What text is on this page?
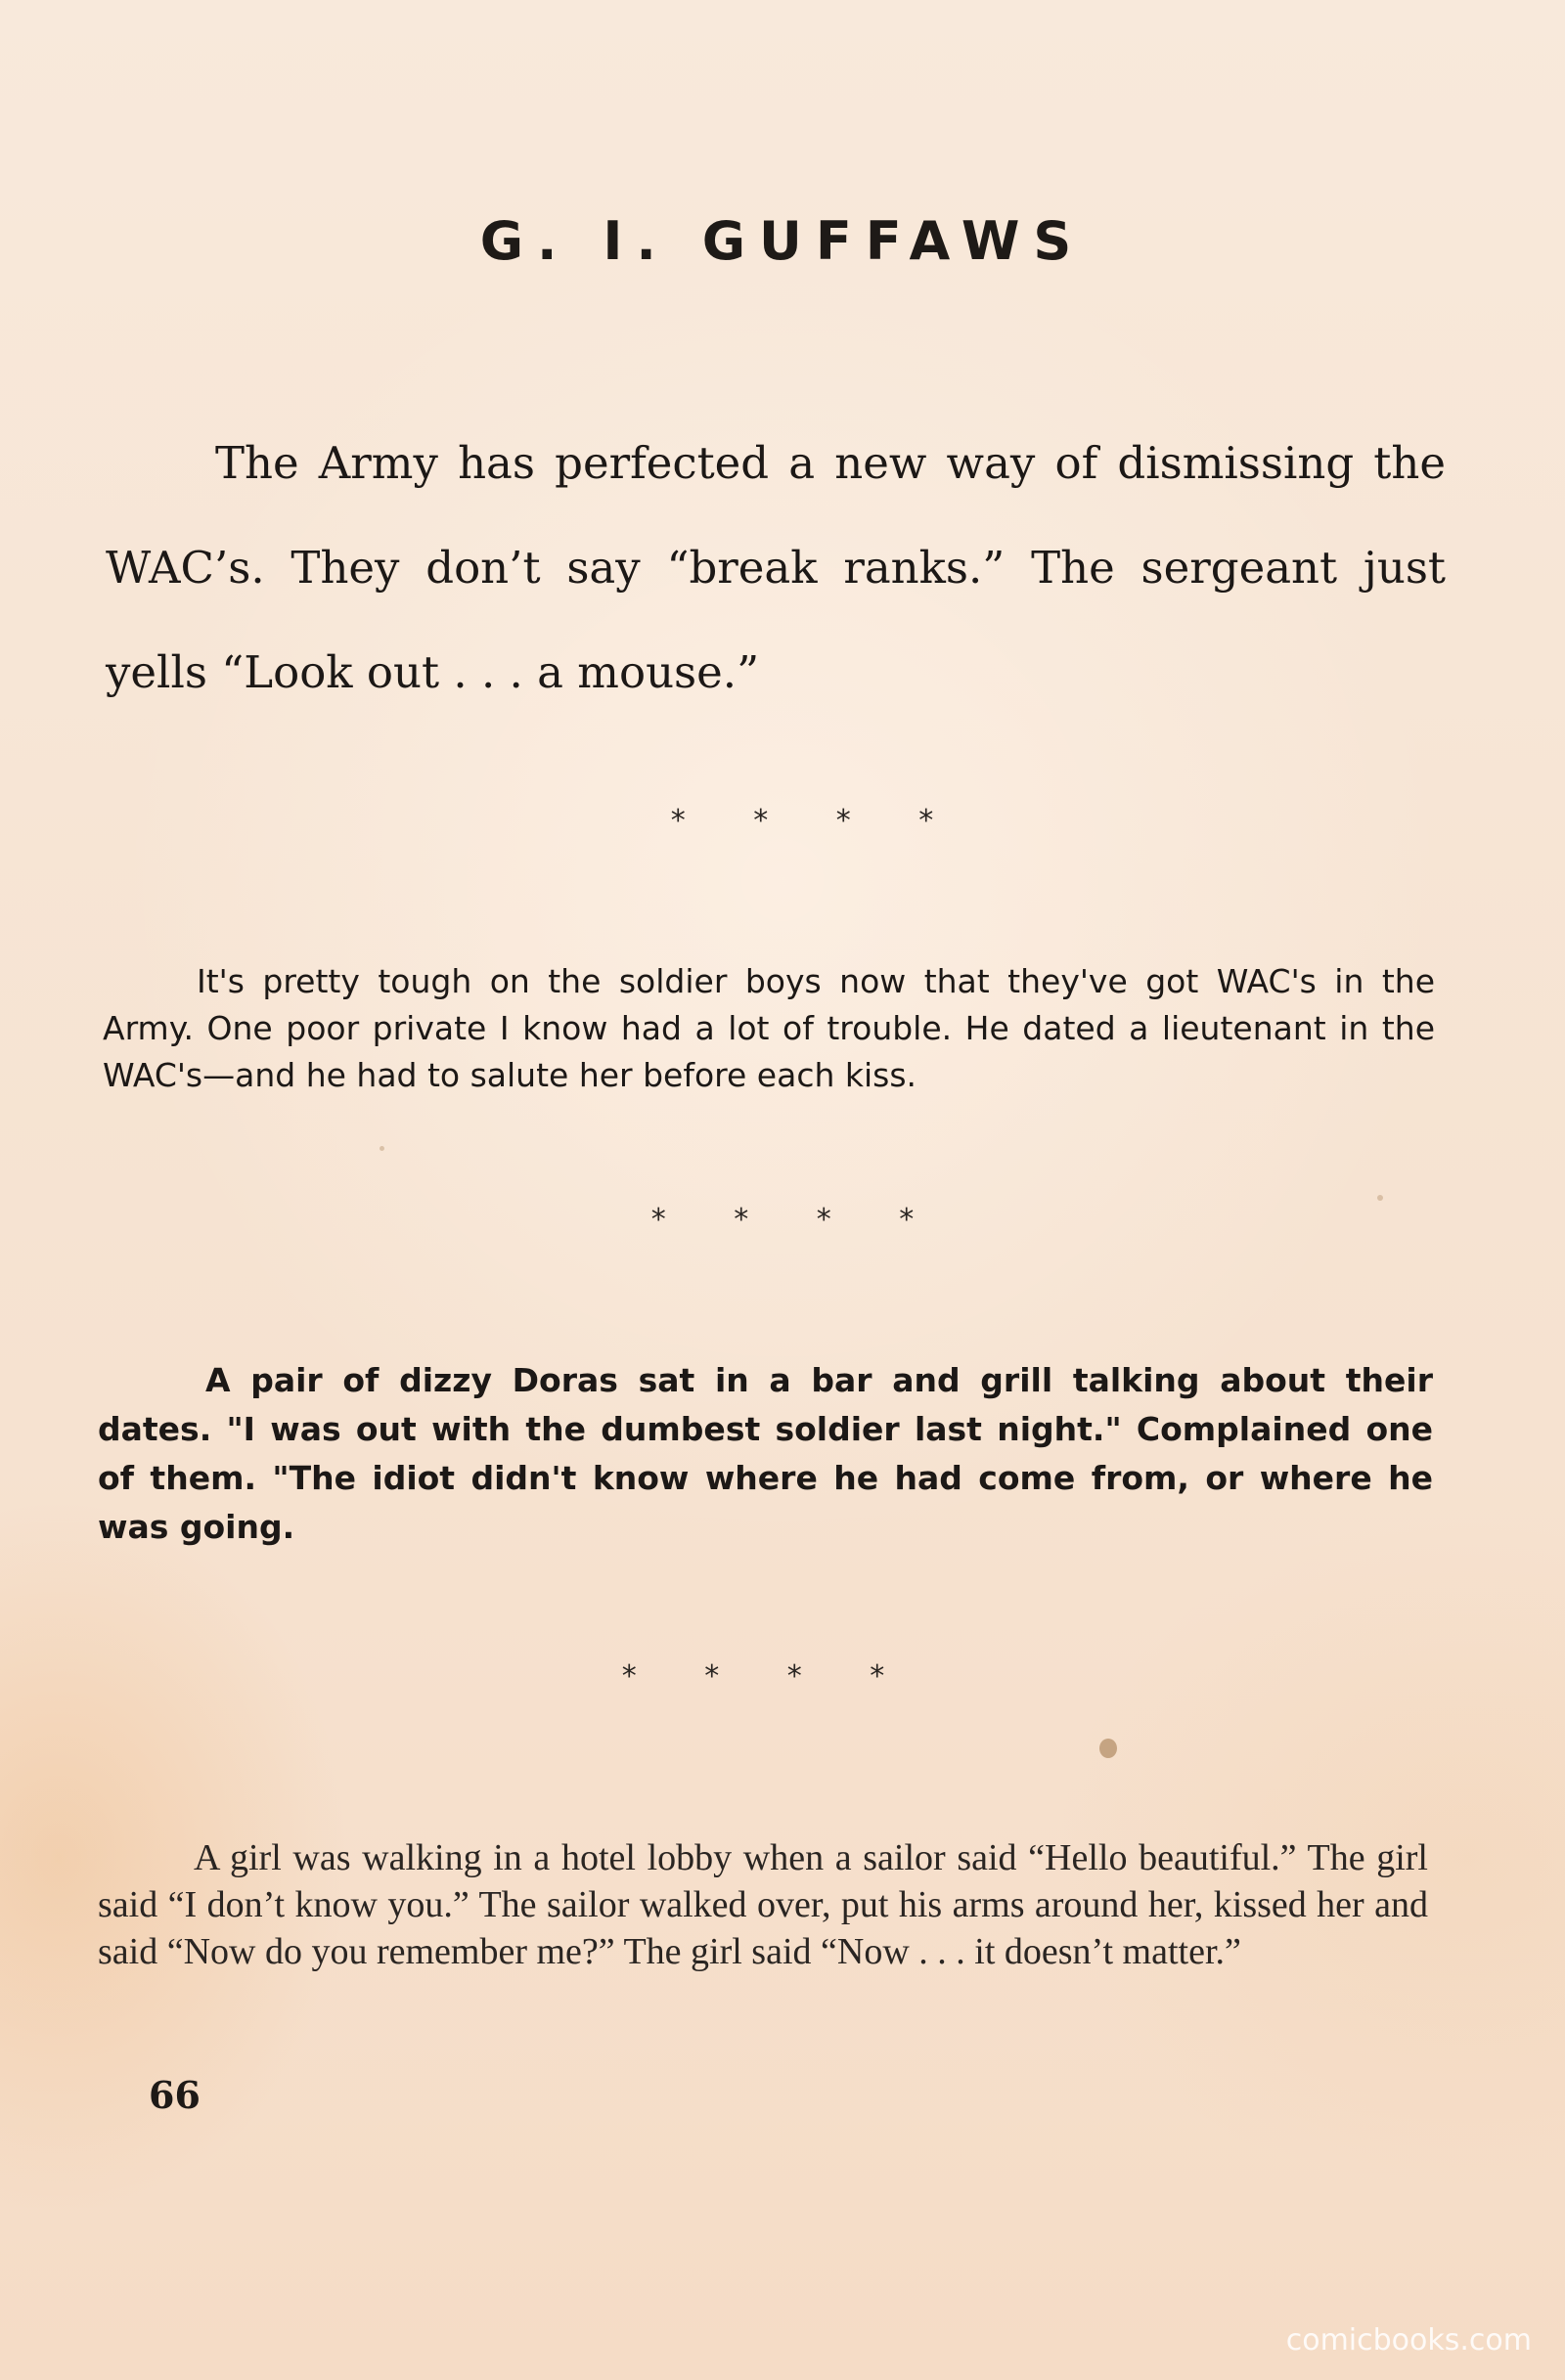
G. I. GUFFAWS

The Army has perfected a new way of dismissing the WAC’s. They don’t say “break ranks.” The sergeant just yells “Look out . . . a mouse.”

* * * *

It's pretty tough on the soldier boys now that they've got WAC's in the Army. One poor private I know had a lot of trouble. He dated a lieutenant in the WAC's—and he had to salute her before each kiss.

* * * *

A pair of dizzy Doras sat in a bar and grill talking about their dates. "I was out with the dumbest soldier last night." Complained one of them. "The idiot didn't know where he had come from, or where he was going.

* * * *

A girl was walking in a hotel lobby when a sailor said “Hello beautiful.” The girl said “I don’t know you.” The sailor walked over, put his arms around her, kissed her and said “Now do you remember me?” The girl said “Now . . . it doesn’t matter.”

66

comicbooks.com
